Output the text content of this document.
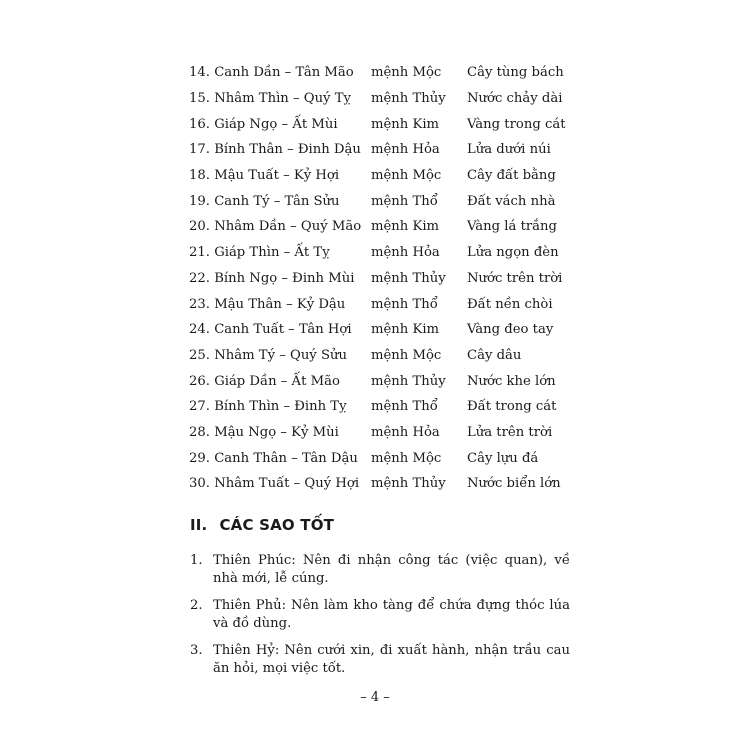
14. Canh Dần – Tân Mão	mệnh Mộc	Cây tùng bách
15. Nhâm Thìn – Quý Tỵ	mệnh Thủy	Nước chảy dài
16. Giáp Ngọ – Ất Mùi	mệnh Kim	Vàng trong cát
17. Bính Thân – Đinh Dậu mệnh Hỏa	Lửa dưới núi
18. Mậu Tuất – Kỷ Hợi	mệnh Mộc	Cây đất bằng
19. Canh Tý – Tân Sửu	mệnh Thổ	Đất vách nhà
20. Nhâm Dần – Quý Mão mệnh Kim	Vàng lá trắng
21. Giáp Thìn – Ất Tỵ	mệnh Hỏa	Lửa ngọn đèn
22. Bính Ngọ – Đinh Mùi	mệnh Thủy	Nước trên trời
23. Mậu Thân – Kỷ Dậu	mệnh Thổ	Đất nền chòi
24. Canh Tuất – Tân Hợi	mệnh Kim	Vàng đeo tay
25. Nhâm Tý – Quý Sửu	mệnh Mộc	Cây dâu
26. Giáp Dần – Ất Mão	mệnh Thủy	Nước khe lớn
27. Bính Thìn – Đinh Tỵ	mệnh Thổ	Đất trong cát
28. Mậu Ngọ – Kỷ Mùi	mệnh Hỏa	Lửa trên trời
29. Canh Thân – Tân Dậu mệnh Mộc	Cây lựu đá
30. Nhâm Tuất – Quý Hợi mệnh Thủy	Nước biển lớn
II. CÁC SAO TỐT
1. Thiên Phúc: Nên đi nhận công tác (việc quan), về nhà mới, lễ cúng.
2. Thiên Phủ: Nên làm kho tàng để chứa đựng thóc lúa và đồ dùng.
3. Thiên Hỷ: Nên cưới xin, đi xuất hành, nhận trầu cau ăn hỏi, mọi việc tốt.
– 4 –
